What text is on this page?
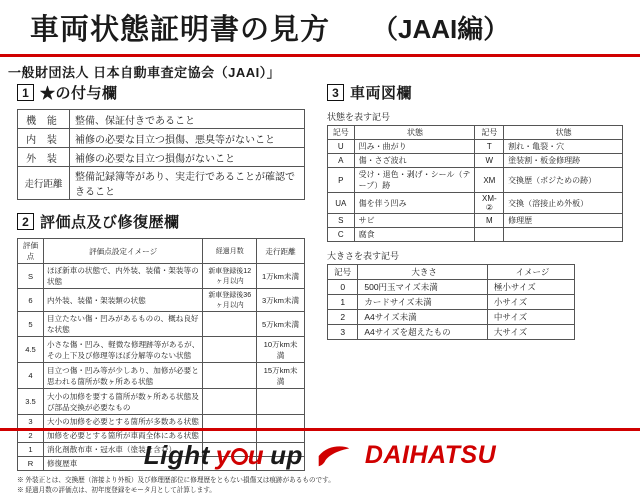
車両状態証明書の見方	（JAAI編）
一般財団法人 日本自動車査定協会（JAAI）」
1 ★の付与欄
機 能	整備、保証付きであること
内 装	補修の必要な目立つ損傷、悪臭等がないこと
外 装	補修の必要な目立つ損傷がないこと
走行距離	整備記録簿等があり、実走行であることが確認できること
2 評価点及び修復歴欄
評価点	評価点設定イメージ	経過月数	走行距離
S	ほぼ新車の状態で、内外装、装備・架装等の状態	新車登録後12ヶ月以内	1万km未満
6	内外装、装備・架装類の状態	新車登録後36ヶ月以内	3万km未満
5	目立たない傷・凹みがあるものの、概ね良好な状態		5万km未満
4.5	小さな傷・凹み、軽微な修理跡等があるが、その上下及び修理等ほぼ分解等のない状態		10万km未満
4	目立つ傷・凹み等が少しあり、加修が必要と思われる箇所が数ヶ所ある状態		15万km未満
3.5	大小の加修を要する箇所が数ヶ所ある状態及び部品交換が必要なもの		
3	大小の加修を必要とする箇所が多数ある状態		
2	加修を必要とする箇所が車両全体にある状態		
1	消化剤散布車・冠水車（塗装を含む）		
R	修復歴車		
※ 外装正とは、交換歴（溶接より外板）及び修理歴部位に修理歴をともない損傷又は痕跡があるものです。
※ 経過月数の評価点は、初年度登録をモータ月として計算します。
3 車両図欄
状態を表す記号
記号	状態	記号	状態
U	凹み・曲がり	T	割れ・亀裂・穴
A	傷・さざ波れ	W	塗装割・板金修理跡
P	受け・退色・剥げ・シール（テープ）跡	XM	交換歴（ボジための跡）
UA	傷を伴う凹み	XM-②	交換（溶接止め外板）
S	サビ	M	修理歴
C	腐食		
大きさを表す記号
記号	大きさ	イメージ
0	500円玉マイズ未満	極小サイズ
1	カードサイズ未満	小サイズ
2	A4サイズ未満	中サイズ
3	A4サイズを超えたもの	大サイズ
Light y u up DAIHATSU
